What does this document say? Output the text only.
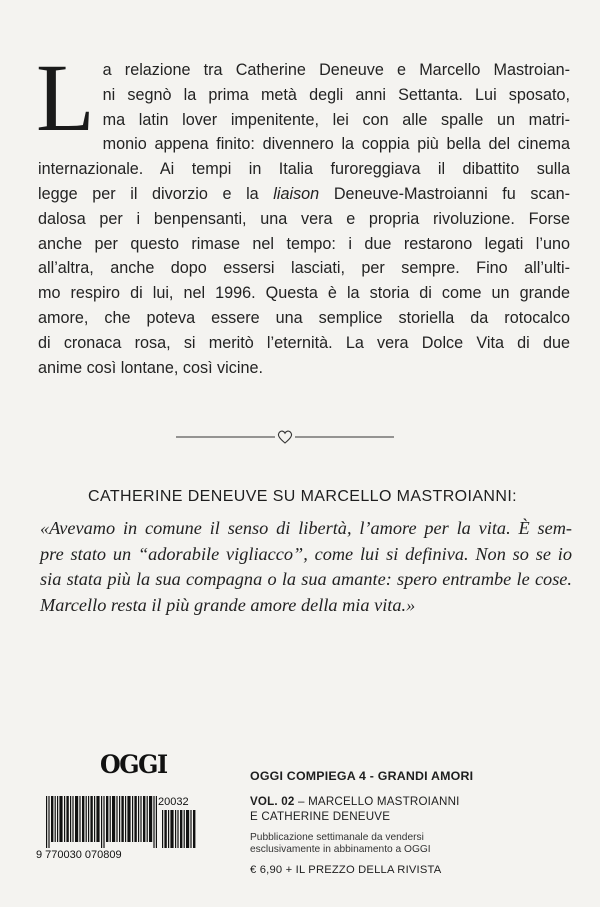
L a relazione tra Catherine Deneuve e Marcello Mastroian-
ni segnò la prima metà degli anni Settanta. Lui sposato,
ma latin lover impenitente, lei con alle spalle un matri-
monio appena finito: divennero la coppia più bella del cinema
internazionale. Ai tempi in Italia furoreggiava il dibattito sulla
legge per il divorzio e la liaison Deneuve-Mastroianni fu scan-
dalosa per i benpensanti, una vera e propria rivoluzione. Forse
anche per questo rimase nel tempo: i due restarono legati l’uno
all’altra, anche dopo essersi lasciati, per sempre. Fino all’ulti-
mo respiro di lui, nel 1996. Questa è la storia di come un grande
amore, che poteva essere una semplice storiella da rotocalco
di cronaca rosa, si meritò l’eternità. La vera Dolce Vita di due
anime così lontane, così vicine.
CATHERINE DENEUVE SU MARCELLO MASTROIANNI:
«Avevamo in comune il senso di libertà, l’amore per la vita. È sem-
pre stato un “adorabile vigliacco”, come lui si definiva. Non so se io
sia stata più la sua compagna o la sua amante: spero entrambe le cose.
Marcello resta il più grande amore della mia vita.»
OGGI
9 770030 070809
20032
OGGI COMPIEGA 4 - GRANDI AMORI
VOL. 02 – MARCELLO MASTROIANNI
E CATHERINE DENEUVE
Pubblicazione settimanale da vendersi
esclusivamente in abbinamento a OGGI
€ 6,90 + IL PREZZO DELLA RIVISTA
